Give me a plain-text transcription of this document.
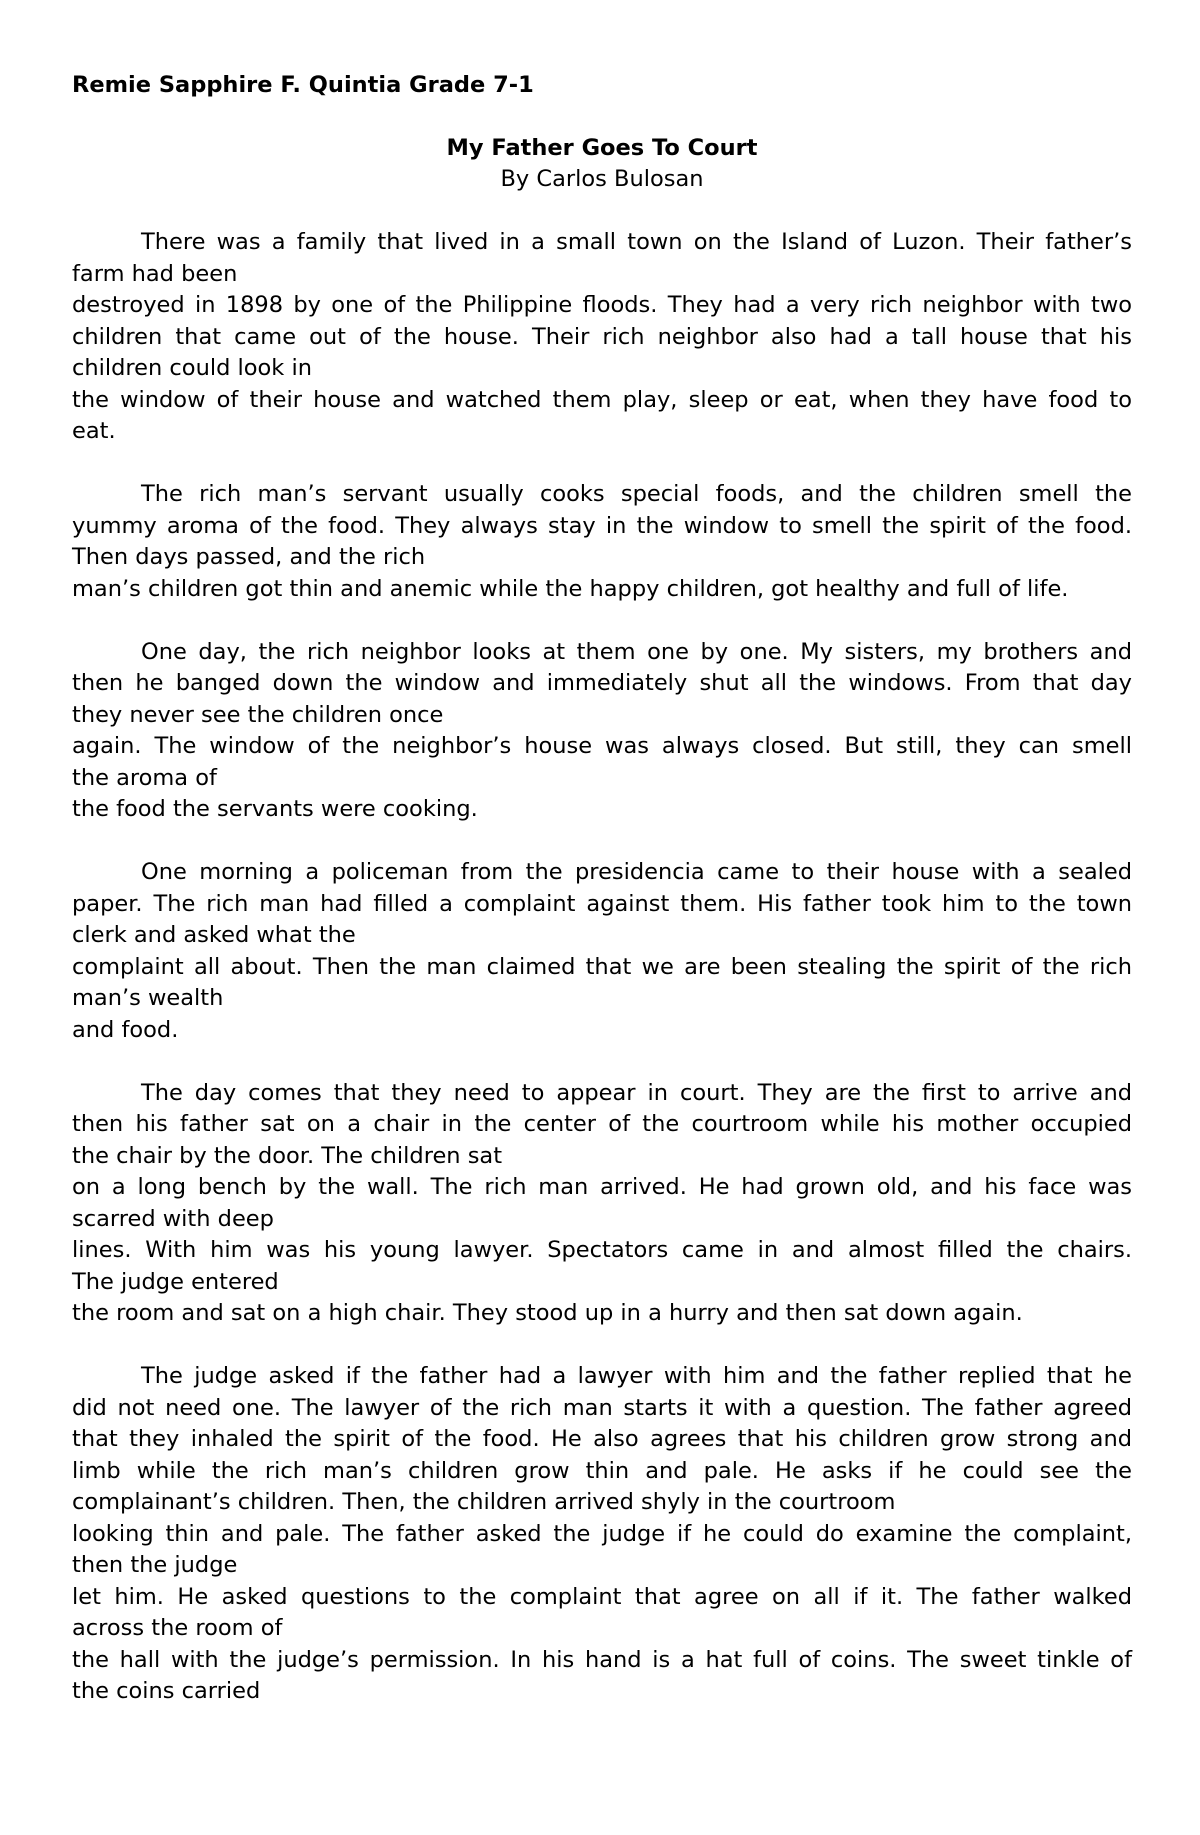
Remie Sapphire F. Quintia Grade 7-1

My Father Goes To Court

By Carlos Bulosan

There was a family that lived in a small town on the Island of Luzon. Their father’s
farm had been
destroyed in 1898 by one of the Philippine floods. They had a very rich neighbor with two
children that came out of the house. Their rich neighbor also had a tall house that his
children could look in
the window of their house and watched them play, sleep or eat, when they have food to
eat.
The rich man’s servant usually cooks special foods, and the children smell the
yummy aroma of the food. They always stay in the window to smell the spirit of the food.
Then days passed, and the rich
man’s children got thin and anemic while the happy children, got healthy and full of life.
One day, the rich neighbor looks at them one by one. My sisters, my brothers and
then he banged down the window and immediately shut all the windows. From that day
they never see the children once
again. The window of the neighbor’s house was always closed. But still, they can smell
the aroma of
the food the servants were cooking.
One morning a policeman from the presidencia came to their house with a sealed
paper. The rich man had filled a complaint against them. His father took him to the town
clerk and asked what the
complaint all about. Then the man claimed that we are been stealing the spirit of the rich
man’s wealth
and food.
The day comes that they need to appear in court. They are the first to arrive and
then his father sat on a chair in the center of the courtroom while his mother occupied
the chair by the door. The children sat
on a long bench by the wall. The rich man arrived. He had grown old, and his face was
scarred with deep
lines. With him was his young lawyer. Spectators came in and almost filled the chairs.
The judge entered
the room and sat on a high chair. They stood up in a hurry and then sat down again.
The judge asked if the father had a lawyer with him and the father replied that he
did not need one. The lawyer of the rich man starts it with a question. The father agreed
that they inhaled the spirit of the food. He also agrees that his children grow strong and
limb while the rich man’s children grow thin and pale. He asks if he could see the
complainant’s children. Then, the children arrived shyly in the courtroom
looking thin and pale. The father asked the judge if he could do examine the complaint,
then the judge
let him. He asked questions to the complaint that agree on all if it. The father walked
across the room of
the hall with the judge’s permission. In his hand is a hat full of coins. The sweet tinkle of
the coins carried
